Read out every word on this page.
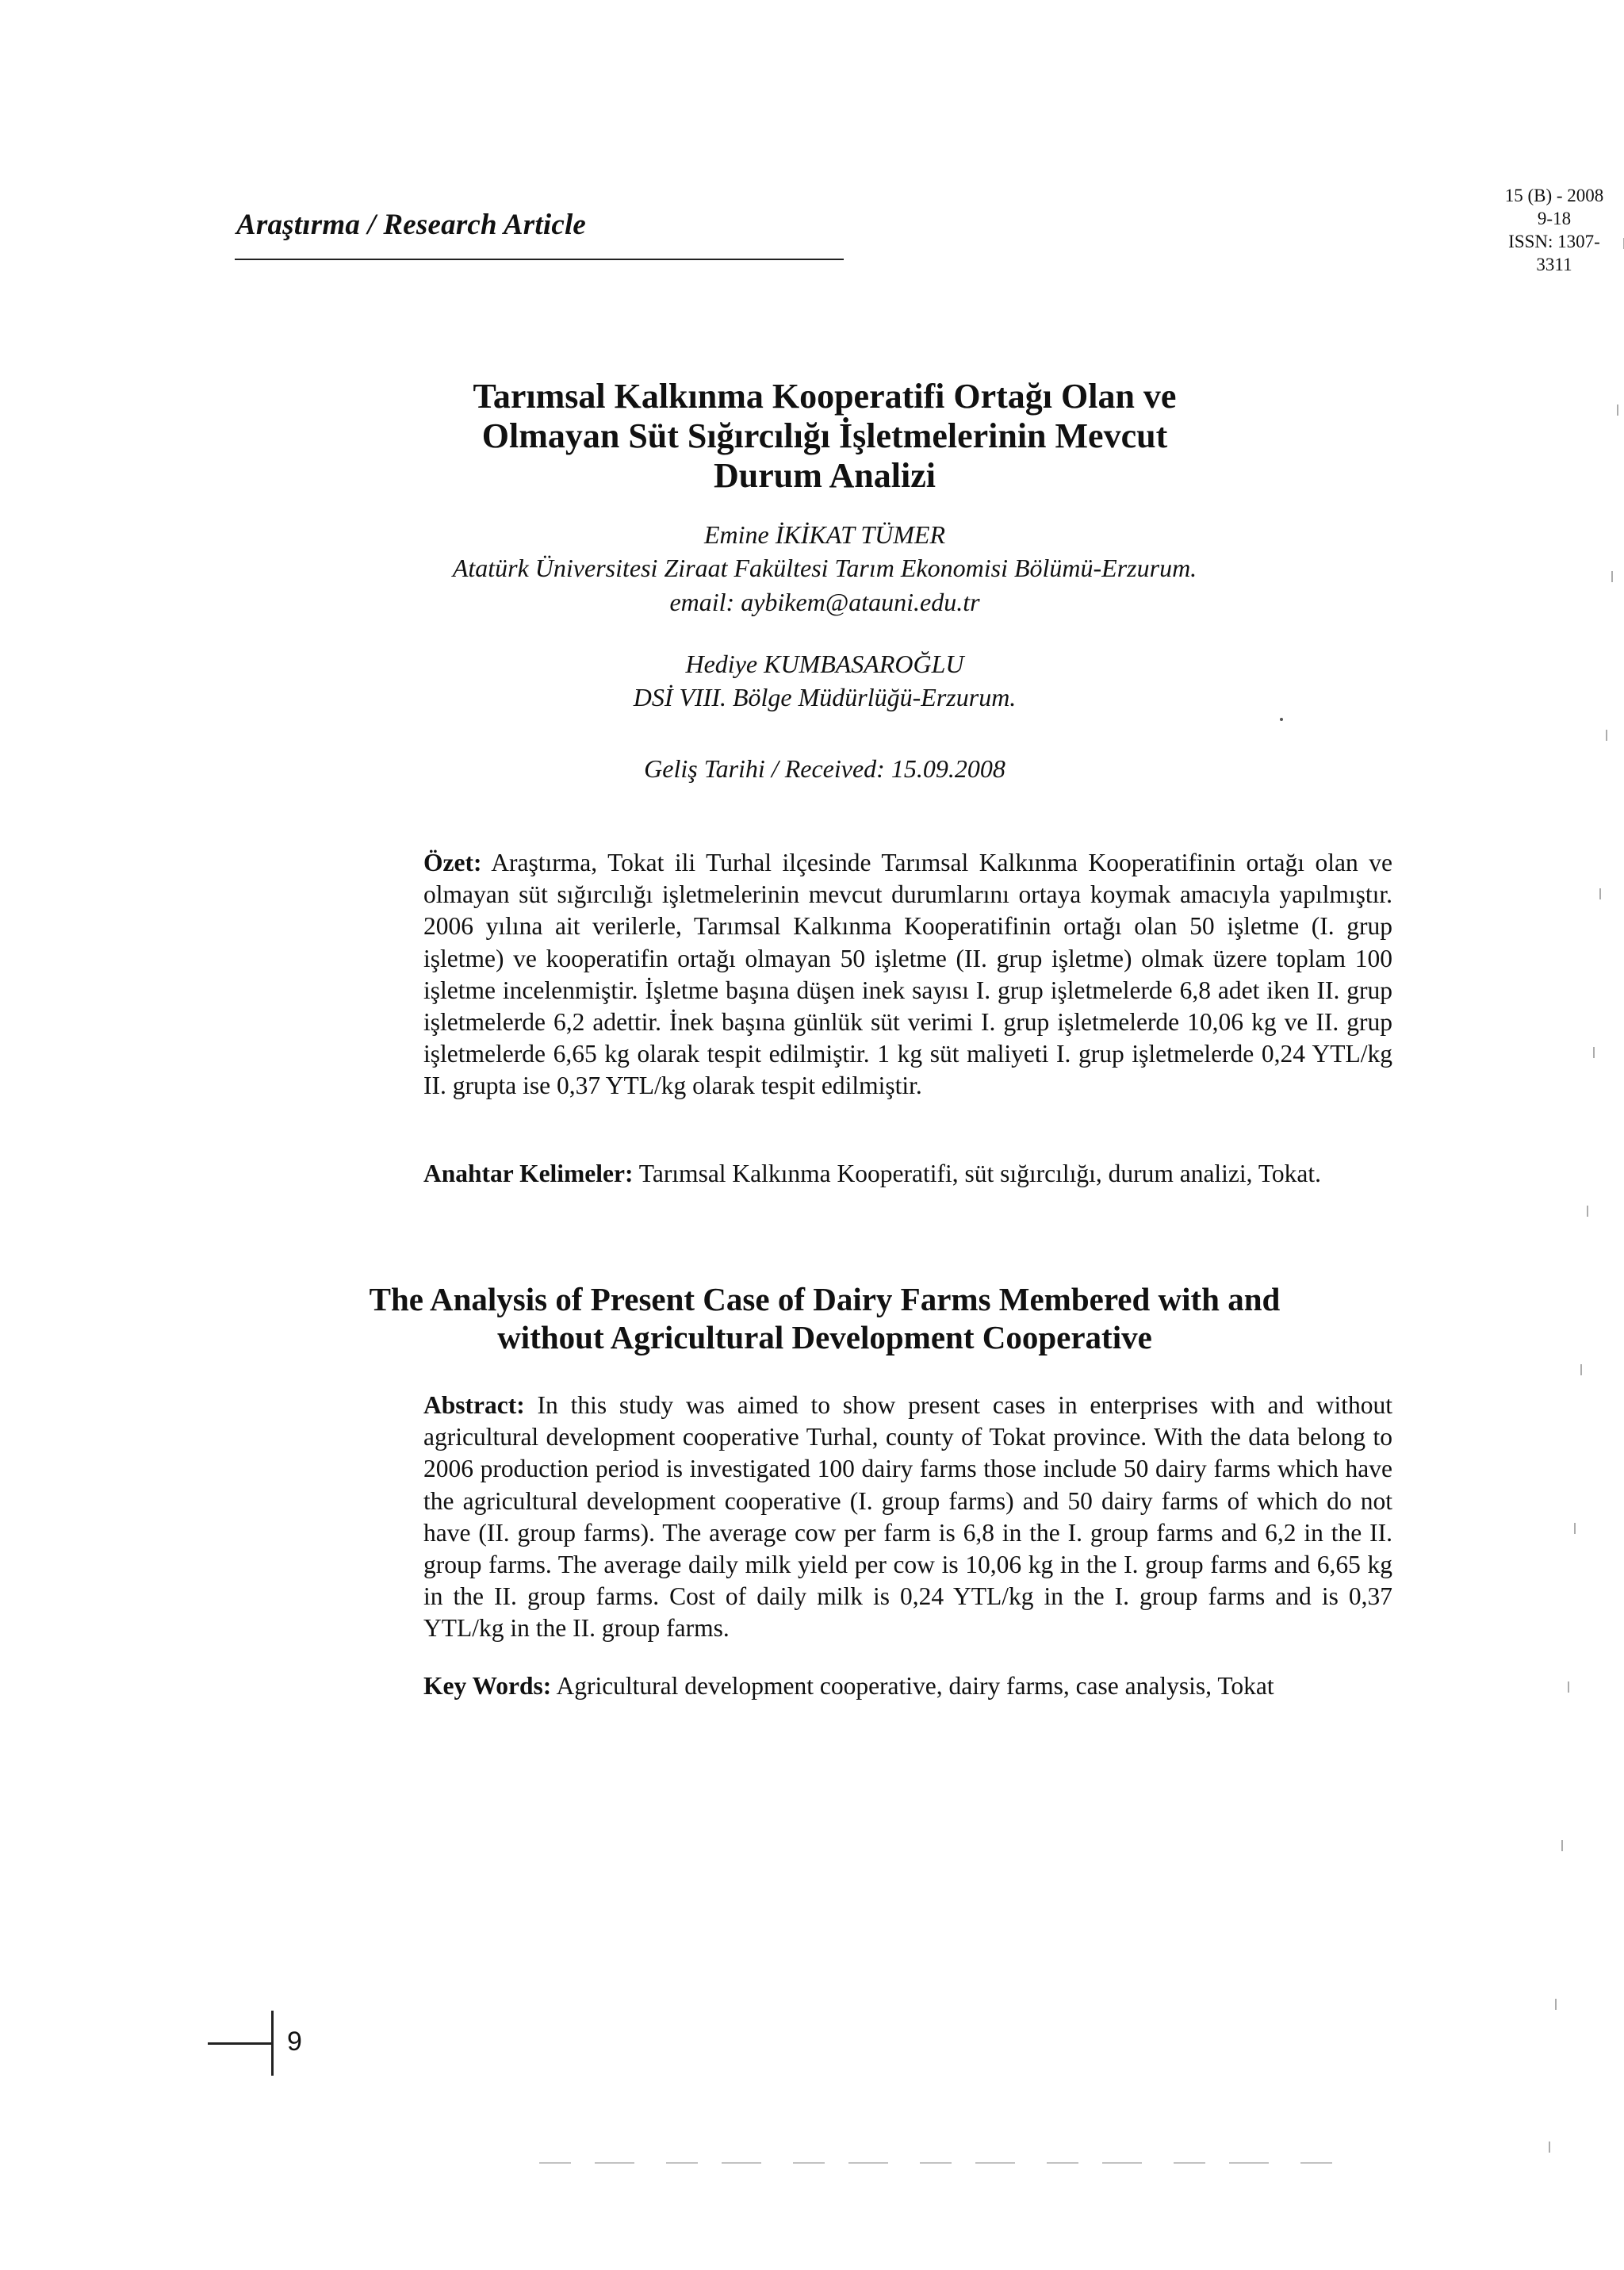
Araştırma / Research Article
15 (B) - 2008
9-18
ISSN: 1307-3311
Tarımsal Kalkınma Kooperatifi Ortağı Olan ve
Olmayan Süt Sığırcılığı İşletmelerinin Mevcut
Durum Analizi
Emine İKİKAT TÜMER
Atatürk Üniversitesi Ziraat Fakültesi Tarım Ekonomisi Bölümü-Erzurum.
email: aybikem@atauni.edu.tr
Hediye KUMBASAROĞLU
DSİ VIII. Bölge Müdürlüğü-Erzurum.
Geliş Tarihi / Received: 15.09.2008
Özet: Araştırma, Tokat ili Turhal ilçesinde Tarımsal Kalkınma Kooperatifinin ortağı olan ve olmayan süt sığırcılığı işletmelerinin mevcut durumlarını ortaya koymak amacıyla yapılmıştır. 2006 yılına ait verilerle, Tarımsal Kalkınma Kooperatifinin ortağı olan 50 işletme (I. grup işletme) ve kooperatifin ortağı olmayan 50 işletme (II. grup işletme) olmak üzere toplam 100 işletme incelenmiştir. İşletme başına düşen inek sayısı I. grup işletmelerde 6,8 adet iken II. grup işletmelerde 6,2 adettir. İnek başına günlük süt verimi I. grup işletmelerde 10,06 kg ve II. grup işletmelerde 6,65 kg olarak tespit edilmiştir. 1 kg süt maliyeti I. grup işletmelerde 0,24 YTL/kg II. grupta ise 0,37 YTL/kg olarak tespit edilmiştir.
Anahtar Kelimeler: Tarımsal Kalkınma Kooperatifi, süt sığırcılığı, durum analizi, Tokat.
The Analysis of Present Case of Dairy Farms Membered with and
without Agricultural Development Cooperative
Abstract: In this study was aimed to show present cases in enterprises with and without agricultural development cooperative Turhal, county of Tokat province. With the data belong to 2006 production period is investigated 100 dairy farms those include 50 dairy farms which have the agricultural development cooperative (I. group farms) and 50 dairy farms of which do not have (II. group farms). The average cow per farm is 6,8 in the I. group farms and 6,2 in the II. group farms. The average daily milk yield per cow is 10,06 kg in the I. group farms and 6,65 kg in the II. group farms. Cost of daily milk is 0,24 YTL/kg in the I. group farms and is 0,37 YTL/kg in the II. group farms.
Key Words: Agricultural development cooperative, dairy farms, case analysis, Tokat
9
